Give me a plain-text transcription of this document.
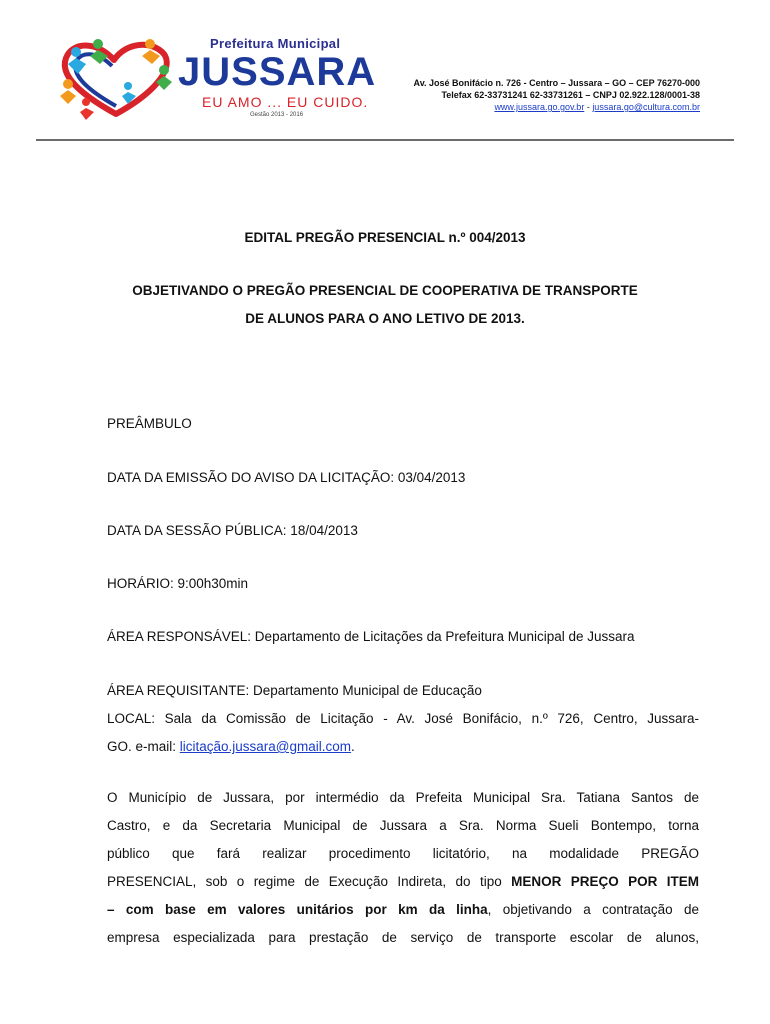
Prefeitura Municipal
JUSSARA
EU AMO ... EU CUIDO.
Gestão 2013 - 2016
Av. José Bonifácio n. 726 - Centro – Jussara – GO – CEP 76270-000
Telefax 62-33731241 62-33731261 – CNPJ 02.922.128/0001-38
www.jussara.go.gov.br - jussara.go@cultura.com.br
EDITAL PREGÃO PRESENCIAL n.º 004/2013
OBJETIVANDO O PREGÃO PRESENCIAL DE COOPERATIVA DE TRANSPORTE
DE ALUNOS PARA O ANO LETIVO DE 2013.
PREÂMBULO
DATA DA EMISSÃO DO AVISO DA LICITAÇÃO: 03/04/2013
DATA DA SESSÃO PÚBLICA: 18/04/2013
HORÁRIO: 9:00h30min
ÁREA RESPONSÁVEL: Departamento de Licitações da Prefeitura Municipal de Jussara
ÁREA REQUISITANTE: Departamento Municipal de Educação
LOCAL: Sala da Comissão de Licitação - Av. José Bonifácio, n.º 726, Centro, Jussara-
GO. e-mail: licitação.jussara@gmail.com.
O Município de Jussara, por intermédio da Prefeita Municipal Sra. Tatiana Santos de
Castro, e da Secretaria Municipal de Jussara a Sra. Norma Sueli Bontempo, torna
público que fará realizar procedimento licitatório, na modalidade PREGÃO
PRESENCIAL, sob o regime de Execução Indireta, do tipo MENOR PREÇO POR ITEM
– com base em valores unitários por km da linha, objetivando a contratação de
empresa especializada para prestação de serviço de transporte escolar de alunos,
